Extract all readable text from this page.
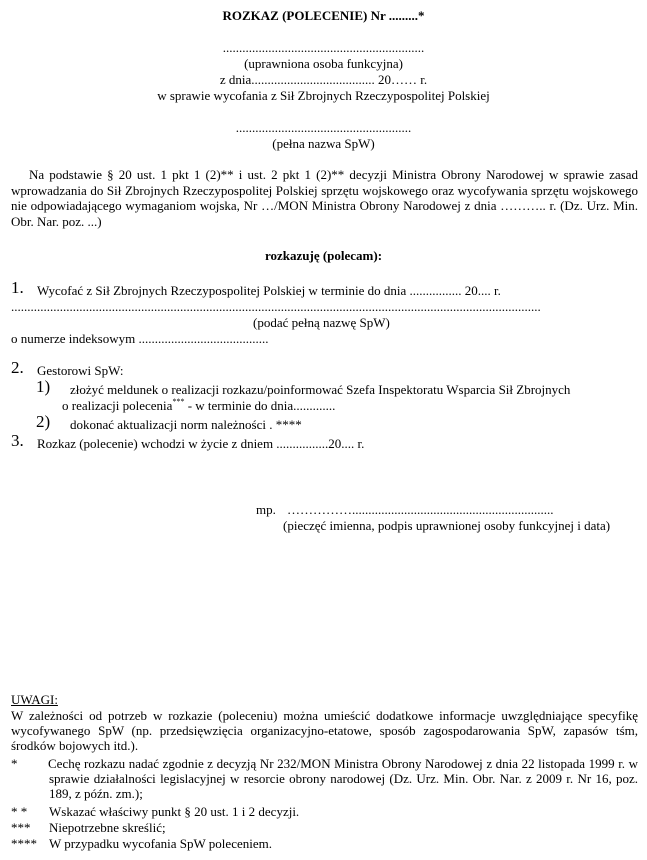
ROZKAZ (POLECENIE) Nr .........*
..............................................................
(uprawniona osoba funkcyjna)
z dnia...................................... 20…… r.
w sprawie wycofania z Sił Zbrojnych Rzeczypospolitej Polskiej
......................................................
(pełna nazwa SpW)
Na podstawie § 20 ust. 1 pkt 1 (2)** i ust. 2 pkt 1 (2)** decyzji Ministra Obrony Narodowej w sprawie zasad wprowadzania do Sił Zbrojnych Rzeczypospolitej Polskiej sprzętu wojskowego oraz wycofywania sprzętu wojskowego nie odpowiadającego wymaganiom wojska, Nr …/MON Ministra Obrony Narodowej z dnia ……….. r. (Dz. Urz. Min. Obr. Nar. poz. ...)
rozkazuję (polecam):
1. Wycofać z Sił Zbrojnych Rzeczypospolitej Polskiej w terminie do dnia ................ 20.... r.
...................................................................................................................................................................
(podać pełną nazwę SpW)
o numerze indeksowym ........................................
2. Gestorowi SpW:
1) złożyć meldunek o realizacji rozkazu/poinformować Szefa Inspektoratu Wsparcia Sił Zbrojnych
o realizacji polecenia*** - w terminie do dnia.............
2) dokonać aktualizacji norm należności . ****
3. Rozkaz (polecenie) wchodzi w życie z dniem ................20.... r.
mp. ……………..............................................................
(pieczęć imienna, podpis uprawnionej osoby funkcyjnej i data)
UWAGI:
W zależności od potrzeb w rozkazie (poleceniu) można umieścić dodatkowe informacje uwzględniające specyfikę wycofywanego SpW (np. przedsięwzięcia organizacyjno-etatowe, sposób zagospodarowania SpW, zapasów tśm, środków bojowych itd.).
* Cechę rozkazu nadać zgodnie z decyzją Nr 232/MON Ministra Obrony Narodowej z dnia 22 listopada 1999 r. w sprawie działalności legislacyjnej w resorcie obrony narodowej (Dz. Urz. Min. Obr. Nar. z 2009 r. Nr 16, poz. 189, z późn. zm.);
* * Wskazać właściwy punkt § 20 ust. 1 i 2 decyzji.
*** Niepotrzebne skreślić;
**** W przypadku wycofania SpW poleceniem.
